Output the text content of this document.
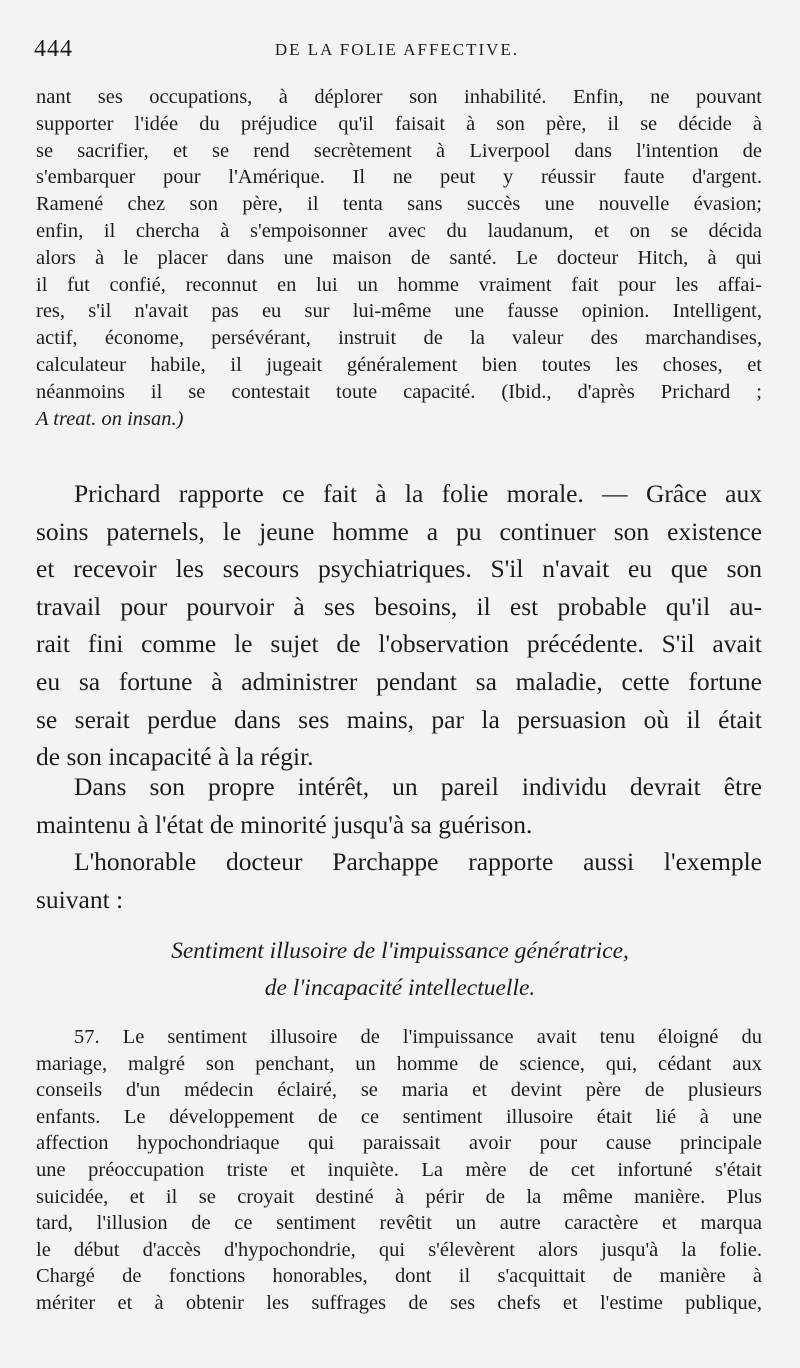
444	DE LA FOLIE AFFECTIVE.
nant ses occupations, à déplorer son inhabilité. Enfin, ne pouvant
supporter l'idée du préjudice qu'il faisait à son père, il se décide à
se sacrifier, et se rend secrètement à Liverpool dans l'intention de
s'embarquer pour l'Amérique. Il ne peut y réussir faute d'argent.
Ramené chez son père, il tenta sans succès une nouvelle évasion;
enfin, il chercha à s'empoisonner avec du laudanum, et on se décida
alors à le placer dans une maison de santé. Le docteur Hitch, à qui
il fut confié, reconnut en lui un homme vraiment fait pour les affai-
res, s'il n'avait pas eu sur lui-même une fausse opinion. Intelligent,
actif, économe, persévérant, instruit de la valeur des marchandises,
calculateur habile, il jugeait généralement bien toutes les choses, et
néanmoins il se contestait toute capacité. (Ibid., d'après Prichard ;
A treat. on insan.)
Prichard rapporte ce fait à la folie morale. — Grâce aux
soins paternels, le jeune homme a pu continuer son existence
et recevoir les secours psychiatriques. S'il n'avait eu que son
travail pour pourvoir à ses besoins, il est probable qu'il au-
rait fini comme le sujet de l'observation précédente. S'il avait
eu sa fortune à administrer pendant sa maladie, cette fortune
se serait perdue dans ses mains, par la persuasion où il était
de son incapacité à la régir.
Dans son propre intérêt, un pareil individu devrait être
maintenu à l'état de minorité jusqu'à sa guérison.
L'honorable docteur Parchappe rapporte aussi l'exemple
suivant :
Sentiment illusoire de l'impuissance génératrice,
de l'incapacité intellectuelle.
57. Le sentiment illusoire de l'impuissance avait tenu éloigné du
mariage, malgré son penchant, un homme de science, qui, cédant aux
conseils d'un médecin éclairé, se maria et devint père de plusieurs
enfants. Le développement de ce sentiment illusoire était lié à une
affection hypochondriaque qui paraissait avoir pour cause principale
une préoccupation triste et inquiète. La mère de cet infortuné s'était
suicidée, et il se croyait destiné à périr de la même manière. Plus
tard, l'illusion de ce sentiment revêtit un autre caractère et marqua
le début d'accès d'hypochondrie, qui s'élevèrent alors jusqu'à la folie.
Chargé de fonctions honorables, dont il s'acquittait de manière à
mériter et à obtenir les suffrages de ses chefs et l'estime publique,
